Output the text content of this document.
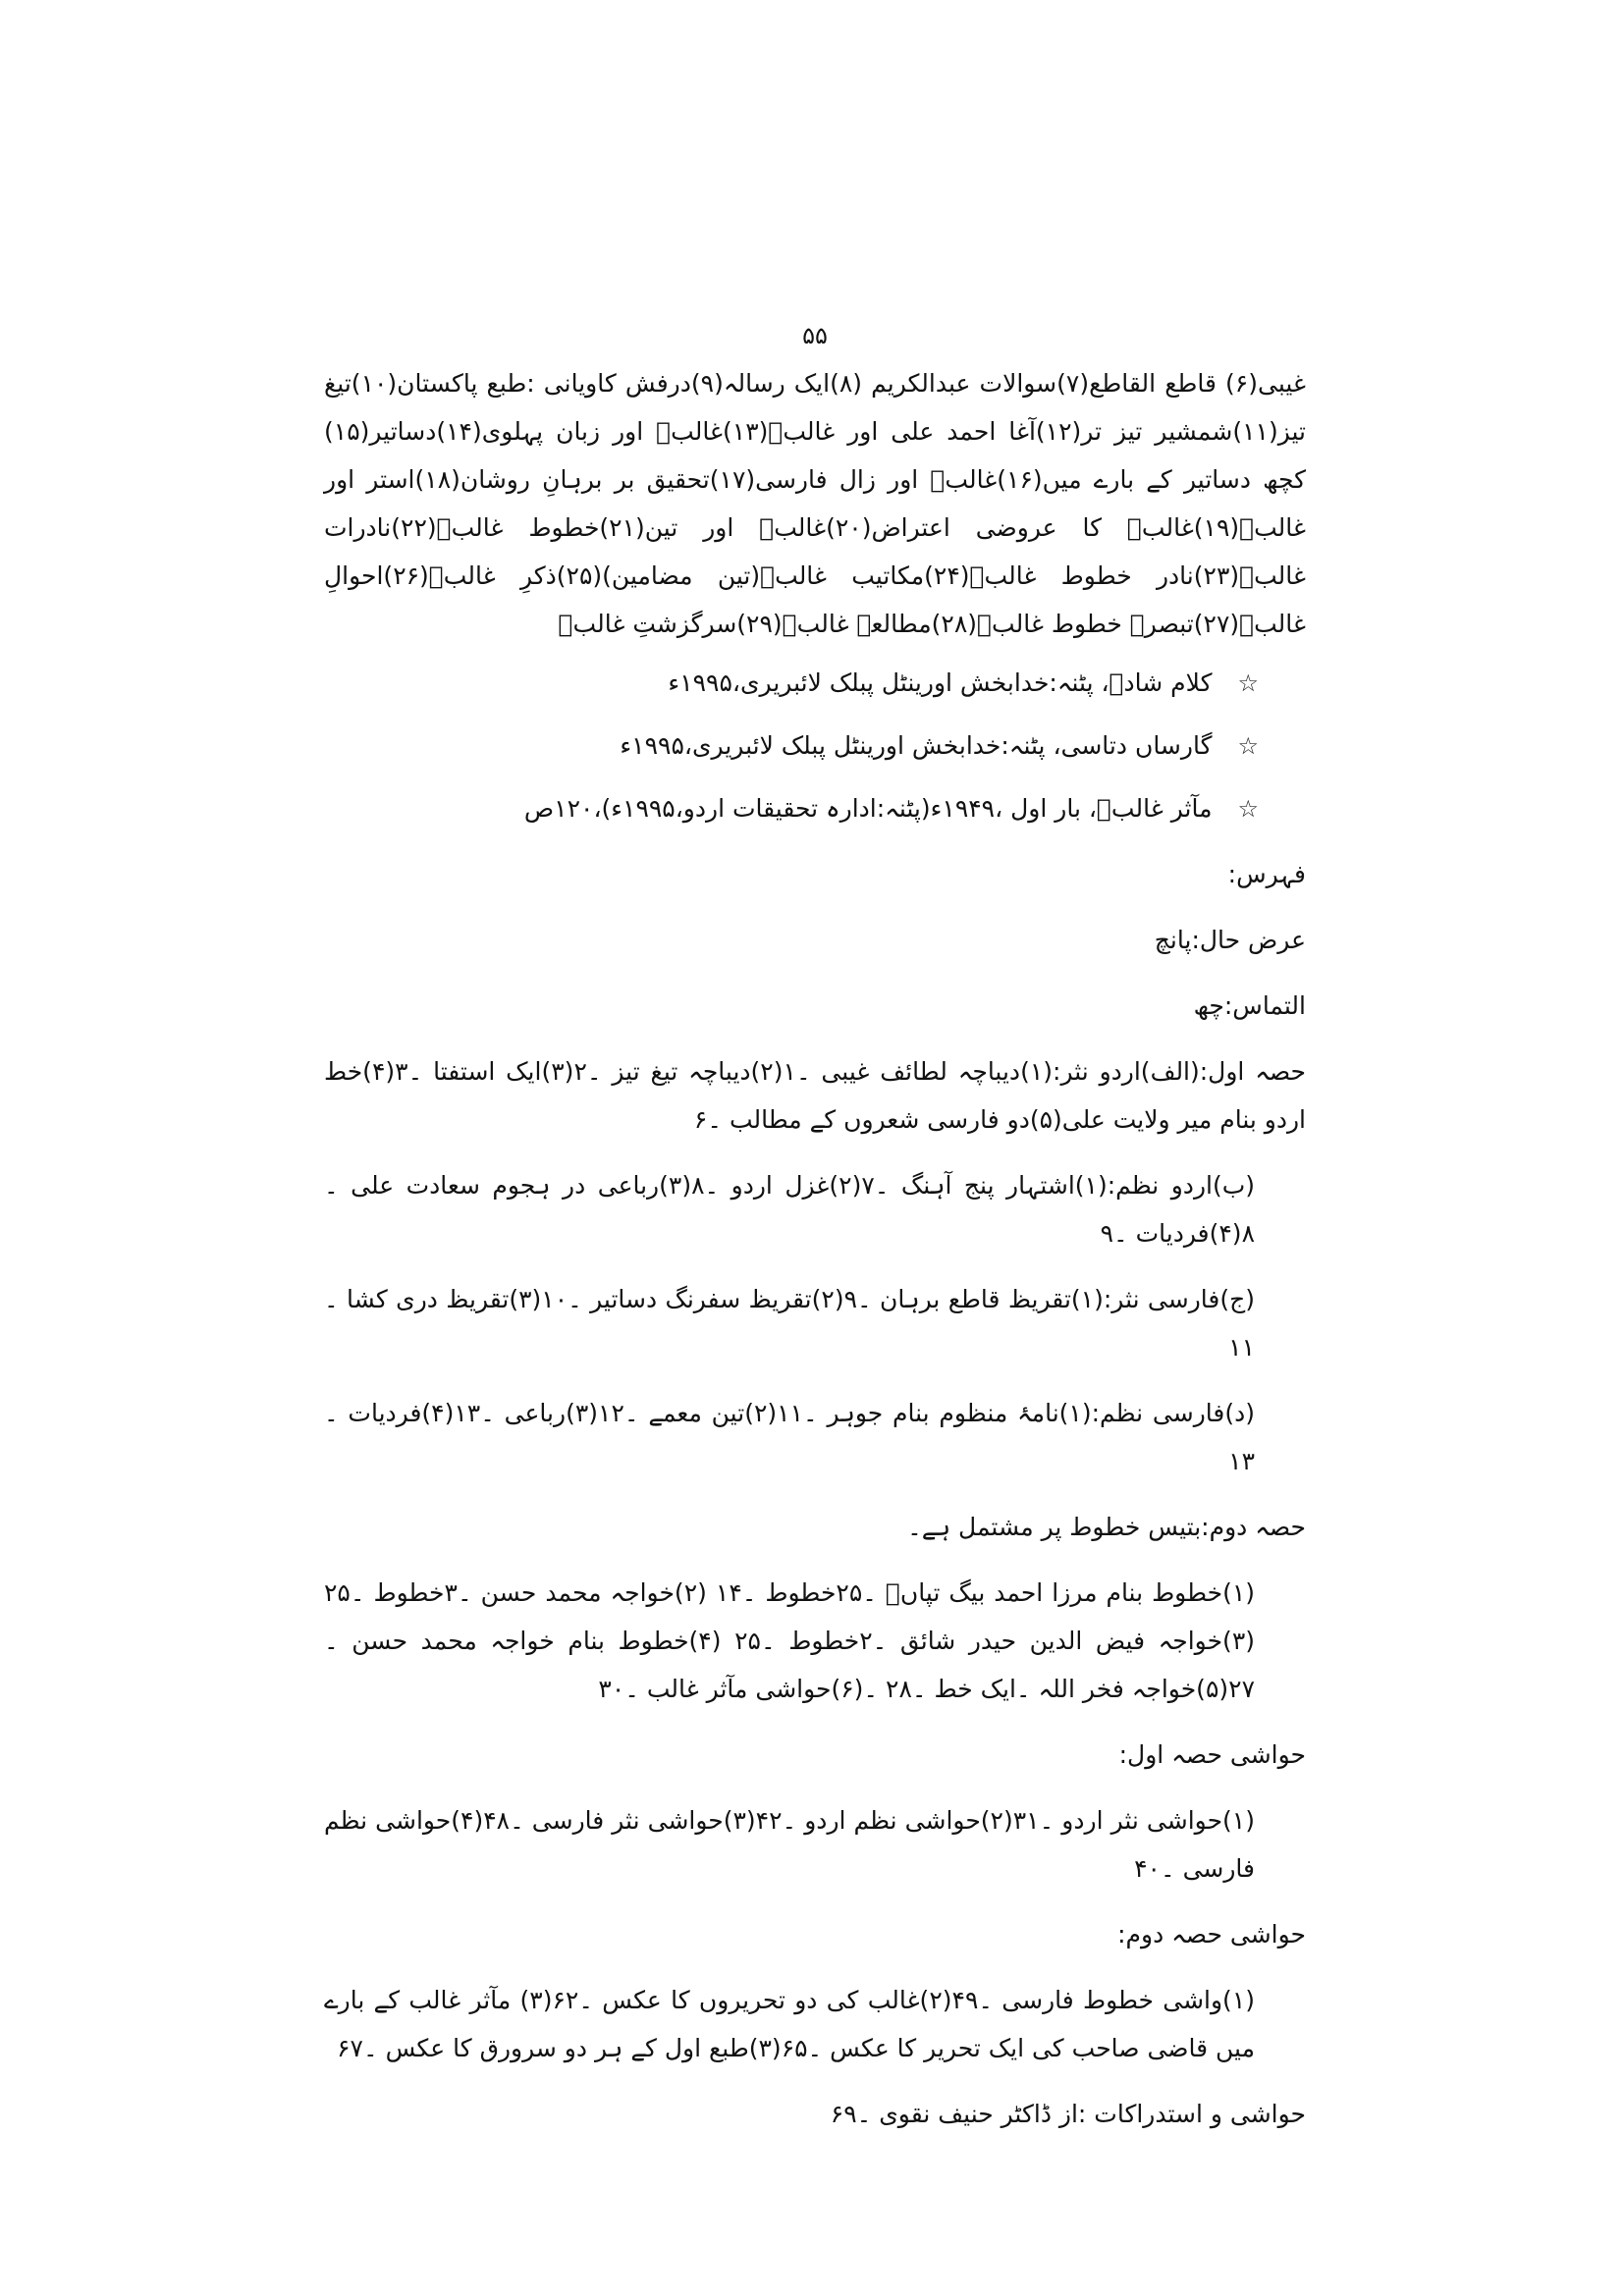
۵۵

غیبی(۶) قاطع القاطع(۷)سوالات عبدالکریم (۸)ایک رسالہ(۹)درفش کاویانی :طبع پاکستان(۱۰)تیغ تیز(۱۱)شمشیر تیز تر(۱۲)آغا احمد علی اور غالبؔ(۱۳)غالبؔ اور زبان پہلوی(۱۴)دساتیر(۱۵) کچھ دساتیر کے بارے میں(۱۶)غالبؔ اور زال فارسی(۱۷)تحقیق بر برہانِ روشان(۱۸)استر اور غالبؔ(۱۹)غالبؔ کا عروضی اعتراض(۲۰)غالبؔ اور تین(۲۱)خطوط غالبؔ(۲۲)نادرات غالبؔ(۲۳)نادر خطوط غالبؔ(۲۴)مکاتیب غالبؔ(تین مضامین)(۲۵)ذکرِ غالبؔ(۲۶)احوالِ غالبؔ(۲۷)تبصرۂ خطوط غالبؔ(۲۸)مطالعۂ غالبؔ(۲۹)سرگزشتِ غالبؔ

☆کلام شادؔ، پٹنہ:خدابخش اورینٹل پبلک لائبریری،۱۹۹۵ء
☆گارساں دتاسی، پٹنہ:خدابخش اورینٹل پبلک لائبریری،۱۹۹۵ء
☆مآثر غالبؔ، بار اول ،۱۹۴۹ء(پٹنہ:ادارہ تحقیقات اردو،۱۹۹۵ء)،۱۲۰ص

فہرس:

عرض حال:پانچ

التماس:چھ

حصہ اول:(الف)اردو نثر:(۱)دیباچہ لطائف غیبی ۔۱(۲)دیباچہ تیغ تیز ۔۲(۳)ایک استفتا ۔۳(۴)خط اردو بنام میر ولایت علی(۵)دو فارسی شعروں کے مطالب ۔۶

(ب)اردو نظم:(۱)اشتہار پنج آہنگ ۔۷(۲)غزل اردو ۔۸(۳)رباعی در ہجوم سعادت علی ۔۸(۴)فردیات ۔۹

(ج)فارسی نثر:(۱)تقریظ قاطع برہان ۔۹(۲)تقریظ سفرنگ دساتیر ۔۱۰(۳)تقریظ دری کشا ۔۱۱

(د)فارسی نظم:(۱)نامۂ منظوم بنام جوہر ۔۱۱(۲)تین معمے ۔۱۲(۳)رباعی ۔۱۳(۴)فردیات ۔۱۳

حصہ دوم:بتیس خطوط پر مشتمل ہے۔

(۱)خطوط بنام مرزا احمد بیگ تپاںؔ ۔۲۵خطوط ۔۱۴ (۲)خواجہ محمد حسن ۔۳خطوط ۔۲۵ (۳)خواجہ فیض الدین حیدر شائق ۔۲خطوط ۔۲۵ (۴)خطوط بنام خواجہ محمد حسن ۔۲۷(۵)خواجہ فخر اللہ ۔ایک خط ۔۲۸ ۔(۶)حواشی مآثر غالب ۔۳۰

حواشی حصہ اول:

(۱)حواشی نثر اردو ۔۳۱(۲)حواشی نظم اردو ۔۴۲(۳)حواشی نثر فارسی ۔۴۸(۴)حواشی نظم فارسی ۔۴۰

حواشی حصہ دوم:

(۱)واشی خطوط فارسی ۔۴۹(۲)غالب کی دو تحریروں کا عکس ۔۶۲(۳) مآثر غالب کے بارے میں قاضی صاحب کی ایک تحریر کا عکس ۔۶۵(۳)طبع اول کے ہر دو سرورق کا عکس ۔۶۷

حواشی و استدراکات :از ڈاکٹر حنیف نقوی ۔۶۹
